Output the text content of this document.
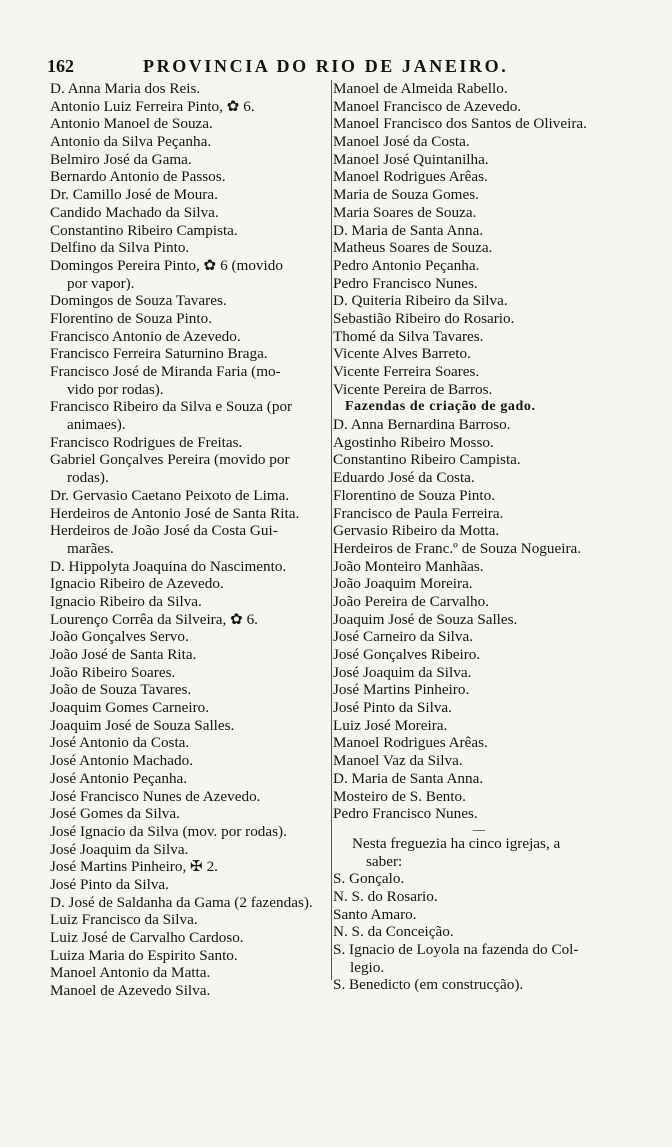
162	PROVINCIA DO RIO DE JANEIRO.
D. Anna Maria dos Reis.
Antonio Luiz Ferreira Pinto, ✿ 6.
Antonio Manoel de Souza.
Antonio da Silva Peçanha.
Belmiro José da Gama.
Bernardo Antonio de Passos.
Dr. Camillo José de Moura.
Candido Machado da Silva.
Constantino Ribeiro Campista.
Delfino da Silva Pinto.
Domingos Pereira Pinto, ✿ 6 (movido
por vapor).
Domingos de Souza Tavares.
Florentino de Souza Pinto.
Francisco Antonio de Azevedo.
Francisco Ferreira Saturnino Braga.
Francisco José de Miranda Faria (mo-
vido por rodas).
Francisco Ribeiro da Silva e Souza (por
animaes).
Francisco Rodrigues de Freitas.
Gabriel Gonçalves Pereira (movido por
rodas).
Dr. Gervasio Caetano Peixoto de Lima.
Herdeiros de Antonio José de Santa Rita.
Herdeiros de João José da Costa Gui-
marães.
D. Hippolyta Joaquina do Nascimento.
Ignacio Ribeiro de Azevedo.
Ignacio Ribeiro da Silva.
Lourenço Corrêa da Silveira, ✿ 6.
João Gonçalves Servo.
João José de Santa Rita.
João Ribeiro Soares.
João de Souza Tavares.
Joaquim Gomes Carneiro.
Joaquim José de Souza Salles.
José Antonio da Costa.
José Antonio Machado.
José Antonio Peçanha.
José Francisco Nunes de Azevedo.
José Gomes da Silva.
José Ignacio da Silva (mov. por rodas).
José Joaquim da Silva.
José Martins Pinheiro, ✠ 2.
José Pinto da Silva.
D. José de Saldanha da Gama (2 fazendas).
Luiz Francisco da Silva.
Luiz José de Carvalho Cardoso.
Luiza Maria do Espirito Santo.
Manoel Antonio da Matta.
Manoel de Azevedo Silva.
Manoel de Almeida Rabello.
Manoel Francisco de Azevedo.
Manoel Francisco dos Santos de Oliveira.
Manoel José da Costa.
Manoel José Quintanilha.
Manoel Rodrigues Arêas.
Maria de Souza Gomes.
Maria Soares de Souza.
D. Maria de Santa Anna.
Matheus Soares de Souza.
Pedro Antonio Peçanha.
Pedro Francisco Nunes.
D. Quiteria Ribeiro da Silva.
Sebastião Ribeiro do Rosario.
Thomé da Silva Tavares.
Vicente Alves Barreto.
Vicente Ferreira Soares.
Vicente Pereira de Barros.
Fazendas de criação de gado.
D. Anna Bernardina Barroso.
Agostinho Ribeiro Mosso.
Constantino Ribeiro Campista.
Eduardo José da Costa.
Florentino de Souza Pinto.
Francisco de Paula Ferreira.
Gervasio Ribeiro da Motta.
Herdeiros de Franc.º de Souza Nogueira.
João Monteiro Manhãas.
João Joaquim Moreira.
João Pereira de Carvalho.
Joaquim José de Souza Salles.
José Carneiro da Silva.
José Gonçalves Ribeiro.
José Joaquim da Silva.
José Martins Pinheiro.
José Pinto da Silva.
Luiz José Moreira.
Manoel Rodrigues Arêas.
Manoel Vaz da Silva.
D. Maria de Santa Anna.
Mosteiro de S. Bento.
Pedro Francisco Nunes.
—
Nesta freguezia ha cinco igrejas, a
saber:
S. Gonçalo.
N. S. do Rosario.
Santo Amaro.
N. S. da Conceição.
S. Ignacio de Loyola na fazenda do Col-
legio.
S. Benedicto (em construcção).
